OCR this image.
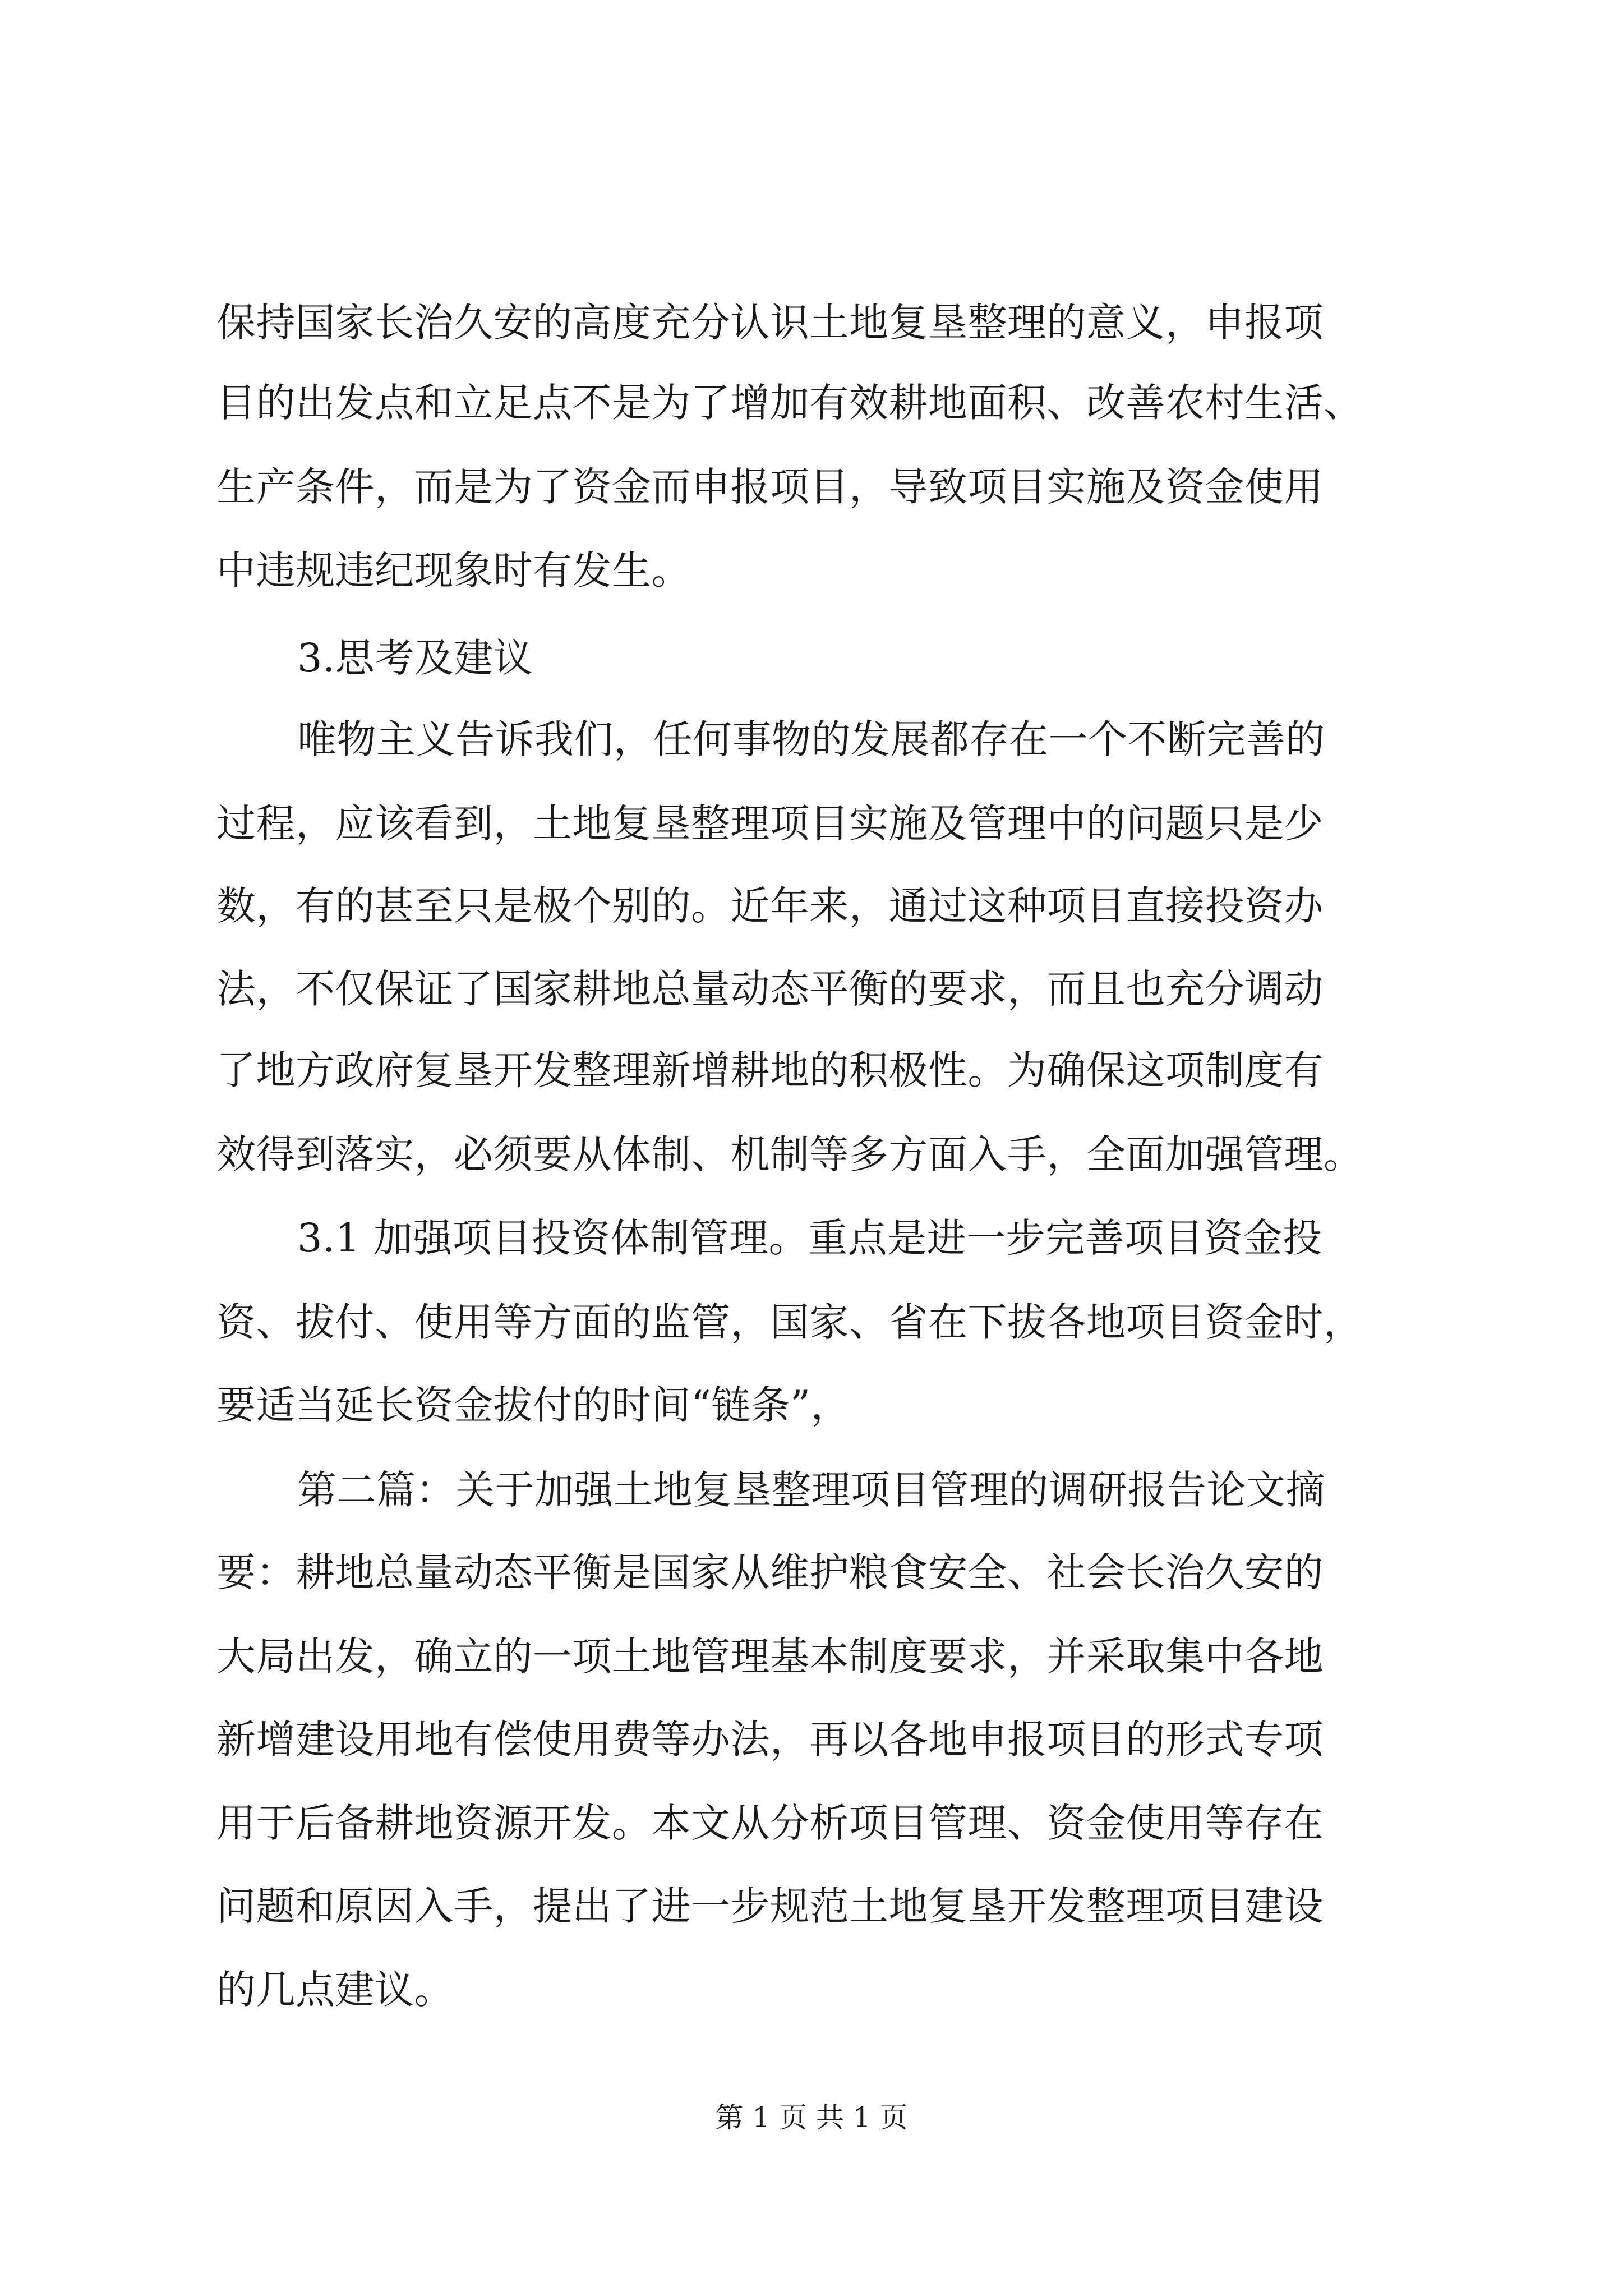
保持国家长治久安的高度充分认识土地复垦整理的意义，申报项
目的出发点和立足点不是为了增加有效耕地面积、改善农村生活、
生产条件，而是为了资金而申报项目，导致项目实施及资金使用
中违规违纪现象时有发生。
3.思考及建议
唯物主义告诉我们，任何事物的发展都存在一个不断完善的
过程，应该看到，土地复垦整理项目实施及管理中的问题只是少
数，有的甚至只是极个别的。近年来，通过这种项目直接投资办
法，不仅保证了国家耕地总量动态平衡的要求，而且也充分调动
了地方政府复垦开发整理新增耕地的积极性。为确保这项制度有
效得到落实，必须要从体制、机制等多方面入手，全面加强管理。
3.1 加强项目投资体制管理。重点是进一步完善项目资金投
资、拔付、使用等方面的监管，国家、省在下拔各地项目资金时，
要适当延长资金拔付的时间“链条”，
第二篇：关于加强土地复垦整理项目管理的调研报告论文摘
要：耕地总量动态平衡是国家从维护粮食安全、社会长治久安的
大局出发，确立的一项土地管理基本制度要求，并采取集中各地
新增建设用地有偿使用费等办法，再以各地申报项目的形式专项
用于后备耕地资源开发。本文从分析项目管理、资金使用等存在
问题和原因入手，提出了进一步规范土地复垦开发整理项目建设
的几点建议。
第 1 页 共 1 页
